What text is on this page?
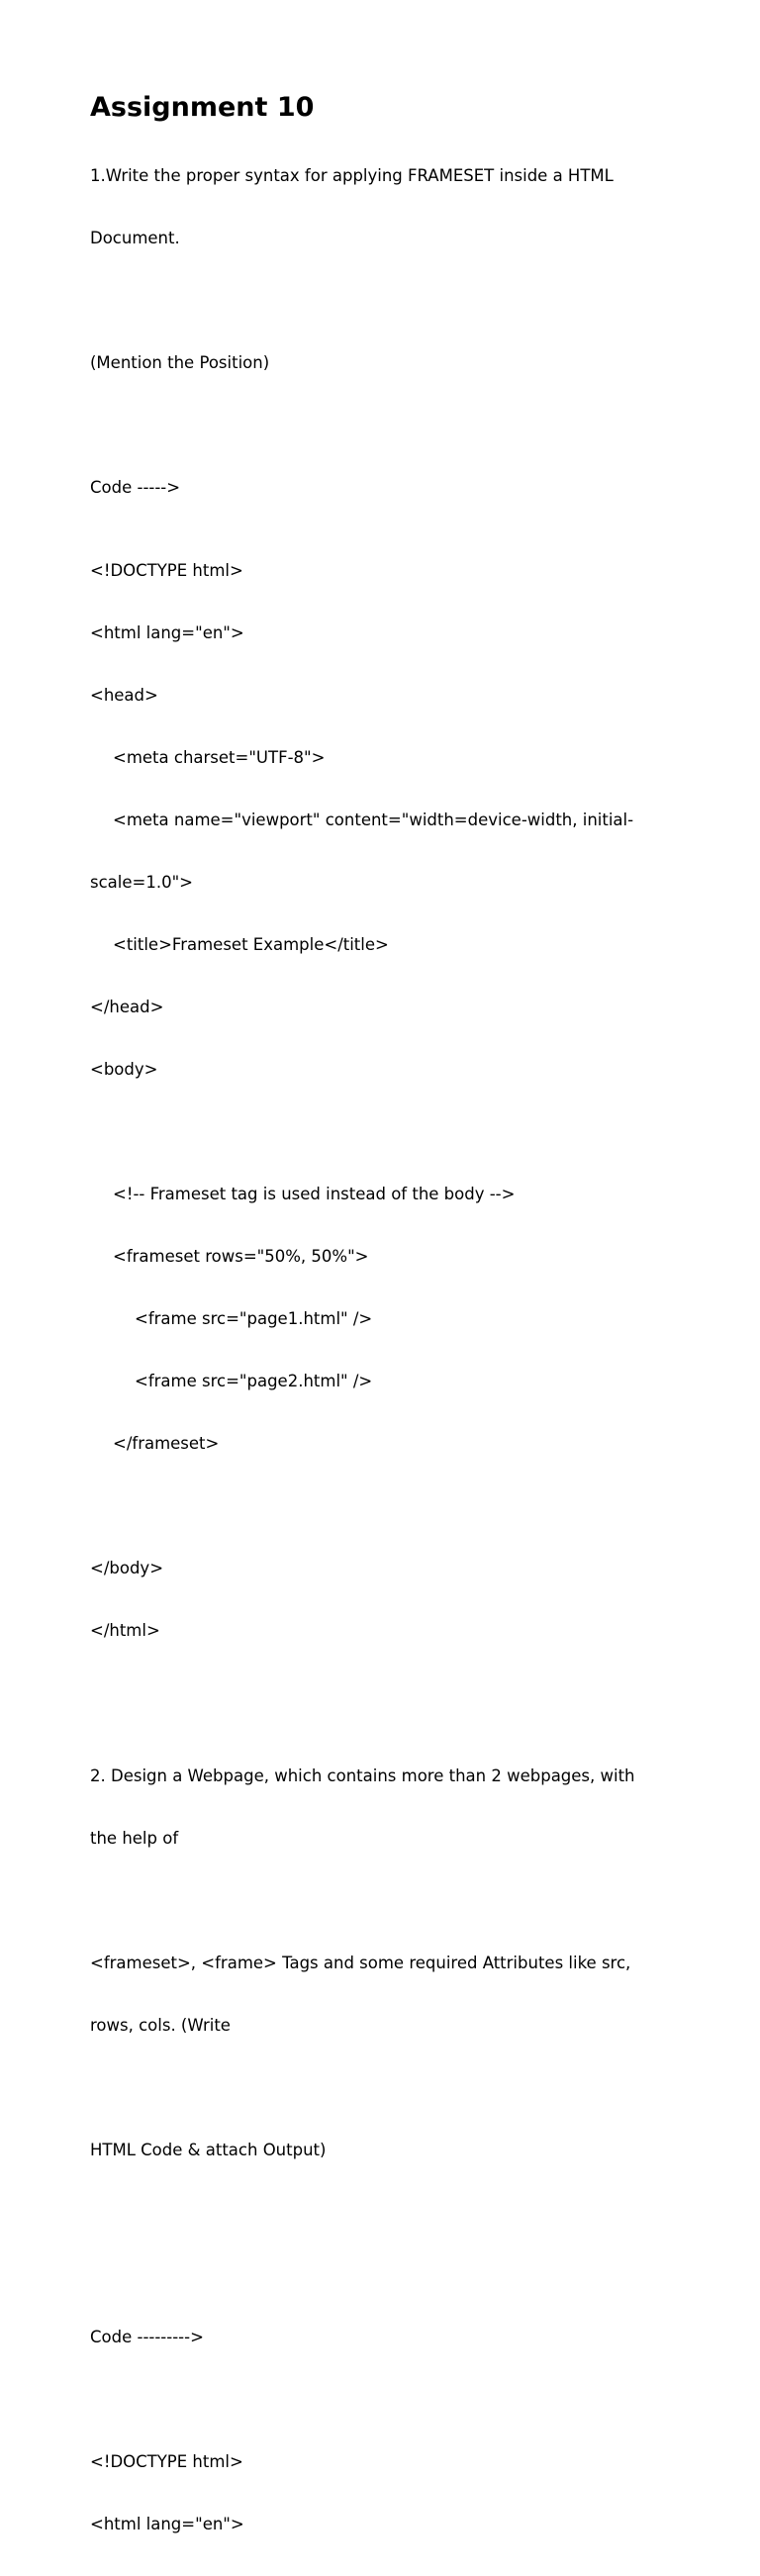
Assignment 10

1.Write the proper syntax for applying FRAMESET inside a HTML

Document.

(Mention the Position)

Code ----->

<!DOCTYPE html>

<html lang="en">

<head>

<meta charset="UTF-8">

<meta name="viewport" content="width=device-width, initial-

scale=1.0">

<title>Frameset Example</title>

</head>

<body>

<!-- Frameset tag is used instead of the body -->

<frameset rows="50%, 50%">

<frame src="page1.html" />

<frame src="page2.html" />

</frameset>

</body>

</html>

2. Design a Webpage, which contains more than 2 webpages, with

the help of

<frameset>, <frame> Tags and some required Attributes like src,

rows, cols. (Write

HTML Code & attach Output)

Code --------->

<!DOCTYPE html>

<html lang="en">
